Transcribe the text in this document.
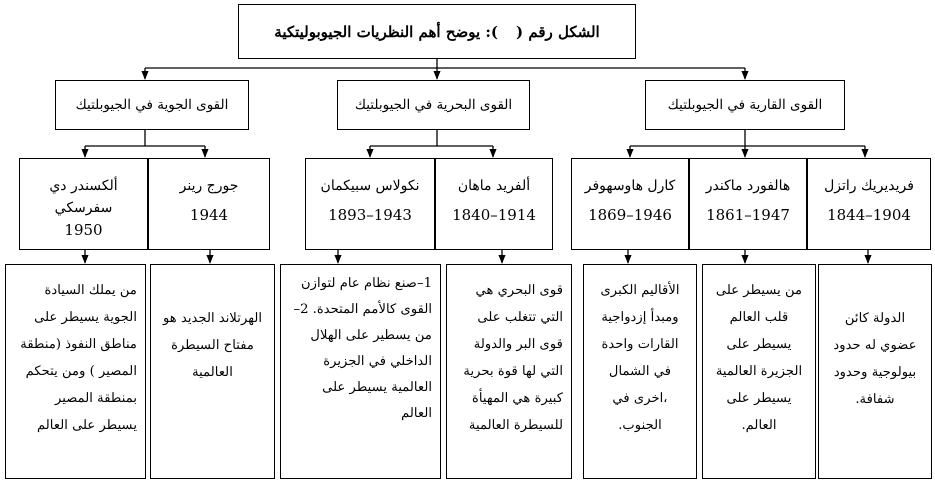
الشكل رقم (
): يوضح أهم النظريات الجيوبوليتكية
القوى القارية في الجيوبلتيك
القوى البحرية في الجيوبلتيك
القوى الجوية في الجيوبلتيك
فريديريك راتزل
1844–1904
هالفورد ماكندر
1861–1947
كارل هاوسهوفر
1869–1946
ألفريد ماهان
1840–1914
نكولاس سبيكمان
1893–1943
جورج رينر
1944
ألكسندر دي سفرسكي
1950
الدولة كائن عضوي له حدود بيولوجية وحدود شفافة.
من يسيطر على قلب العالم يسيطر على الجزيرة العالمية يسيطر على العالم.
الأقاليم الكبرى ومبدأ إزدواجية القارات واحدة في الشمال ،اخرى في الجنوب.
قوى البحري هي التي تتغلب على قوى البر والدولة التي لها قوة بحرية كبيرة هي المهيأة للسيطرة العالمية
1–صنع نظام عام لتوازن القوى كالأمم المتحدة. 2–من يسطير على الهلال الداخلي في الجزيرة العالمية يسيطر على العالم
الهرتلاند الجديد هو مفتاح السيطرة العالمية
من يملك السيادة الجوية يسيطر على مناطق النفوذ (منطقة المصير ) ومن يتحكم بمنطقة المصير يسيطر على العالم
